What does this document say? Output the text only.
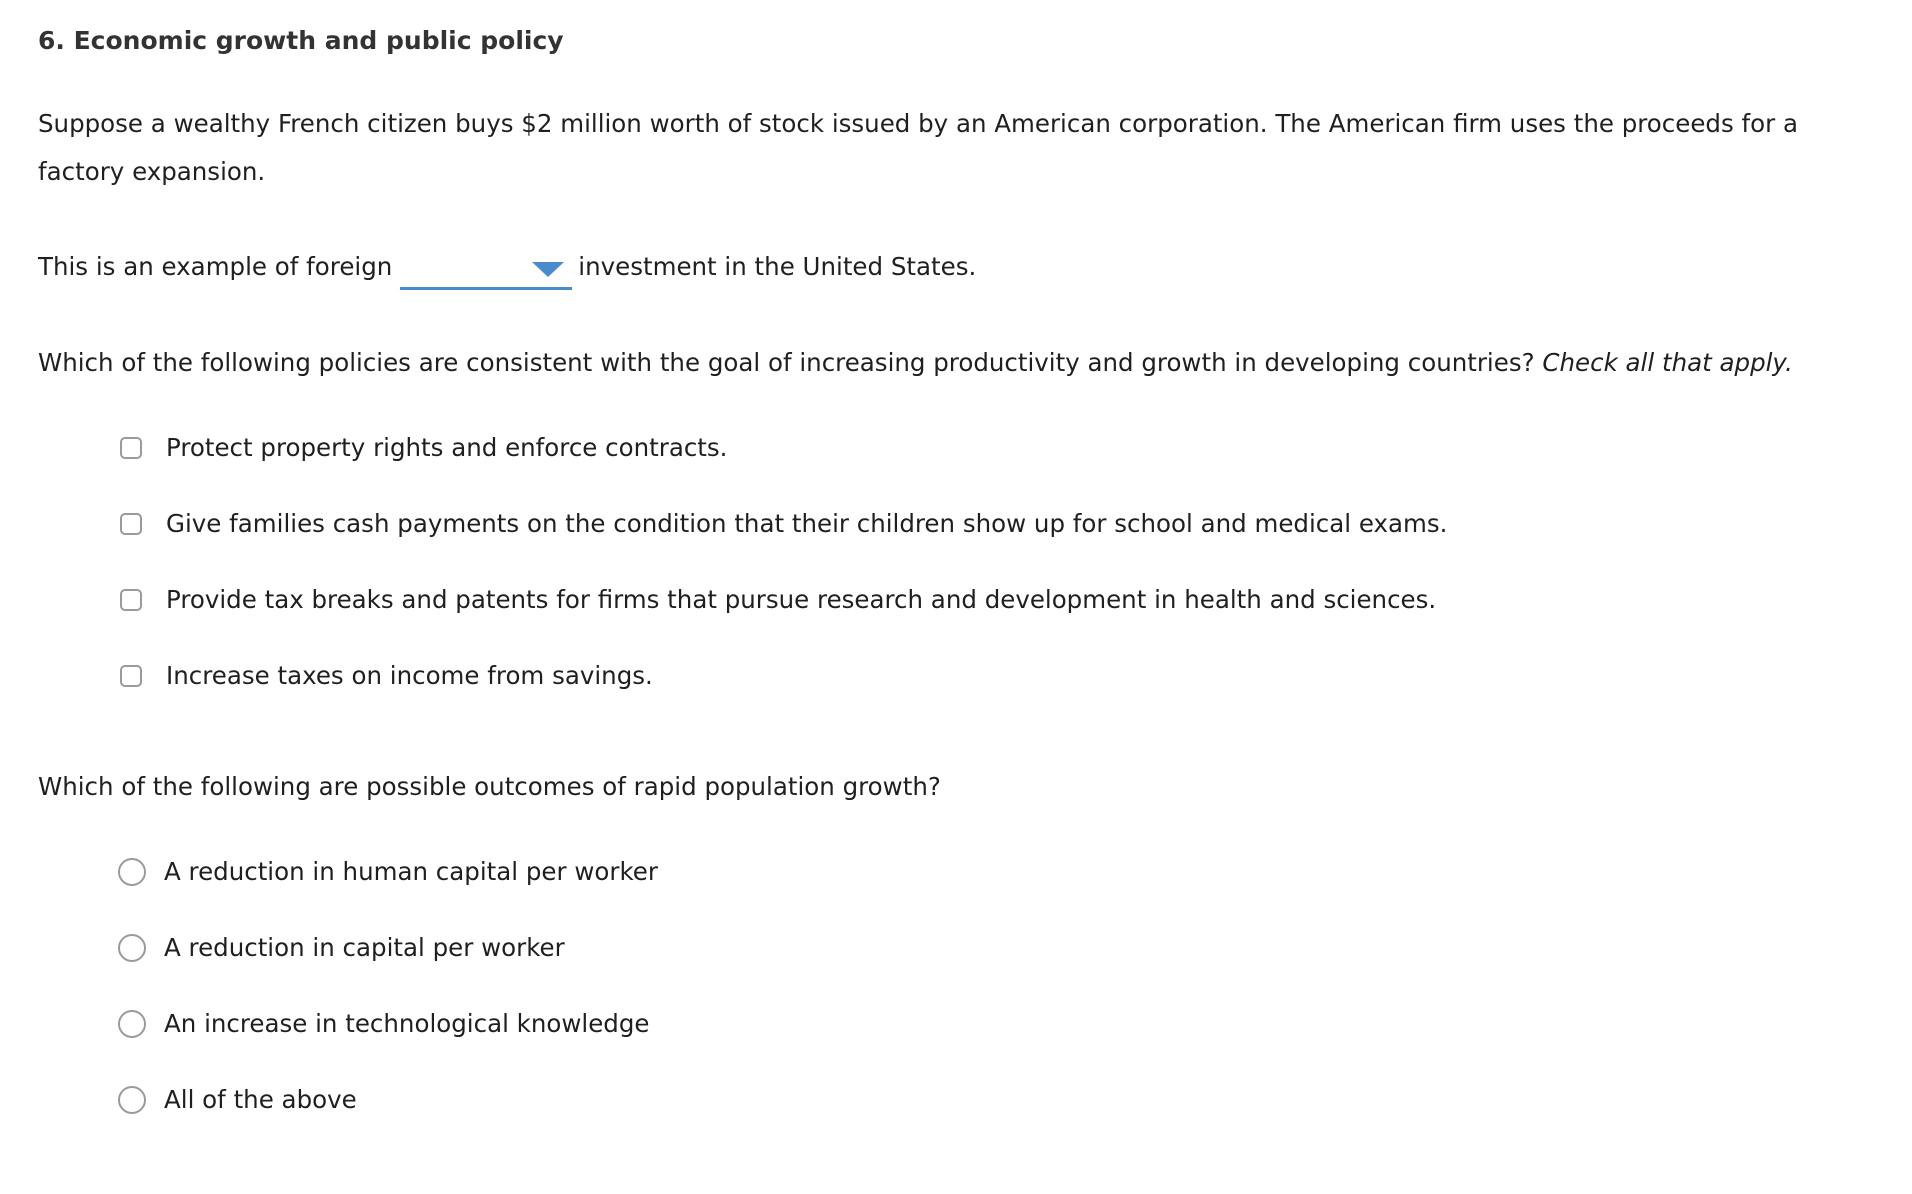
6. Economic growth and public policy
Suppose a wealthy French citizen buys $2 million worth of stock issued by an American corporation. The American firm uses the proceeds for a factory expansion.
This is an example of foreign	investment in the United States.
Which of the following policies are consistent with the goal of increasing productivity and growth in developing countries? Check all that apply.
Protect property rights and enforce contracts.
Give families cash payments on the condition that their children show up for school and medical exams.
Provide tax breaks and patents for firms that pursue research and development in health and sciences.
Increase taxes on income from savings.
Which of the following are possible outcomes of rapid population growth?
A reduction in human capital per worker
A reduction in capital per worker
An increase in technological knowledge
All of the above
